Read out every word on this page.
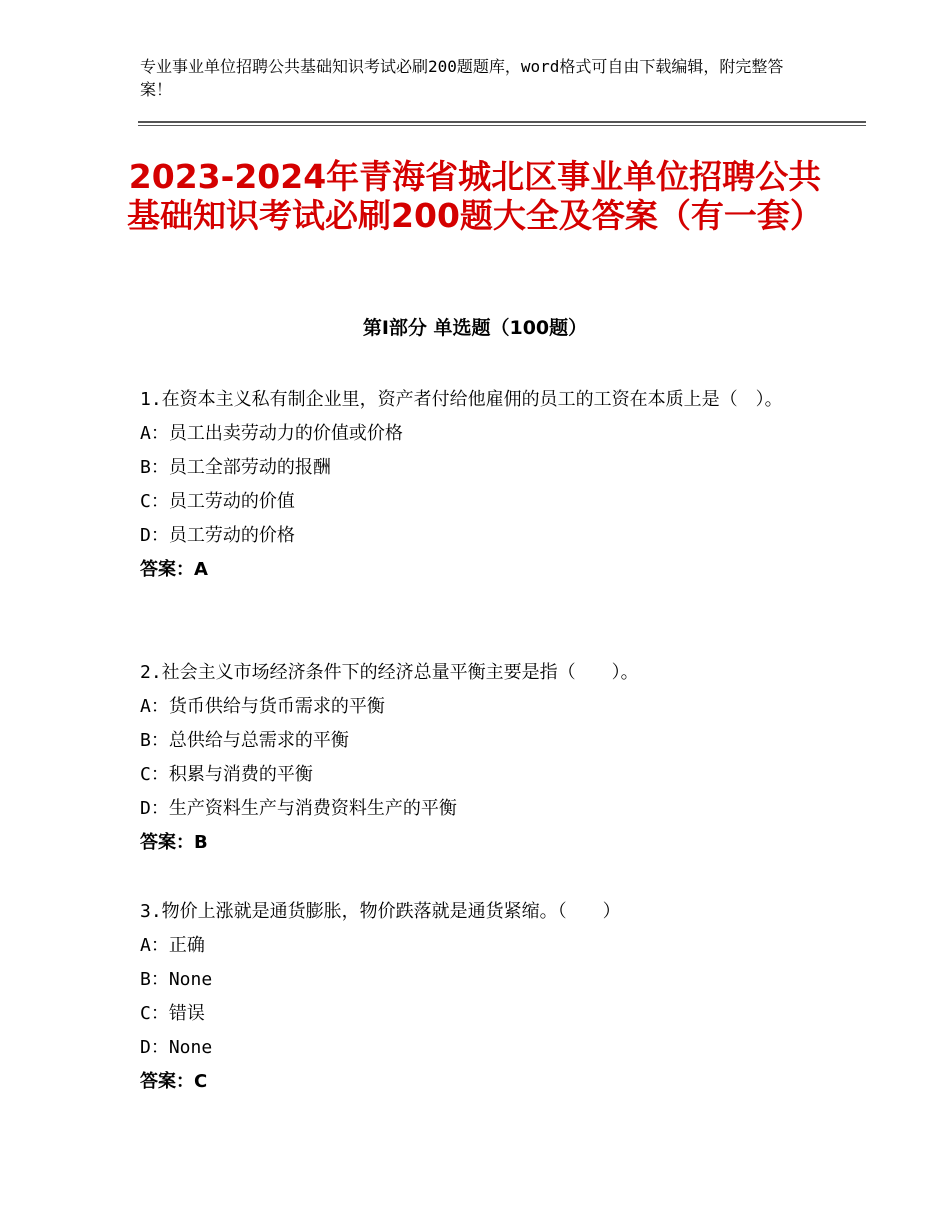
专业事业单位招聘公共基础知识考试必刷200题题库，word格式可自由下载编辑，附完整答案！
2023-2024年青海省城北区事业单位招聘公共基础知识考试必刷200题大全及答案（有一套）
第Ⅰ部分 单选题（100题）

1.在资本主义私有制企业里，资产者付给他雇佣的员工的工资在本质上是（　）。

A：员工出卖劳动力的价值或价格

B：员工全部劳动的报酬

C：员工劳动的价值

D：员工劳动的价格

答案：A

2.社会主义市场经济条件下的经济总量平衡主要是指（　　）。

A：货币供给与货币需求的平衡

B：总供给与总需求的平衡

C：积累与消费的平衡

D：生产资料生产与消费资料生产的平衡

答案：B

3.物价上涨就是通货膨胀，物价跌落就是通货紧缩。（　　）

A：正确

B：None

C：错误

D：None

答案：C
